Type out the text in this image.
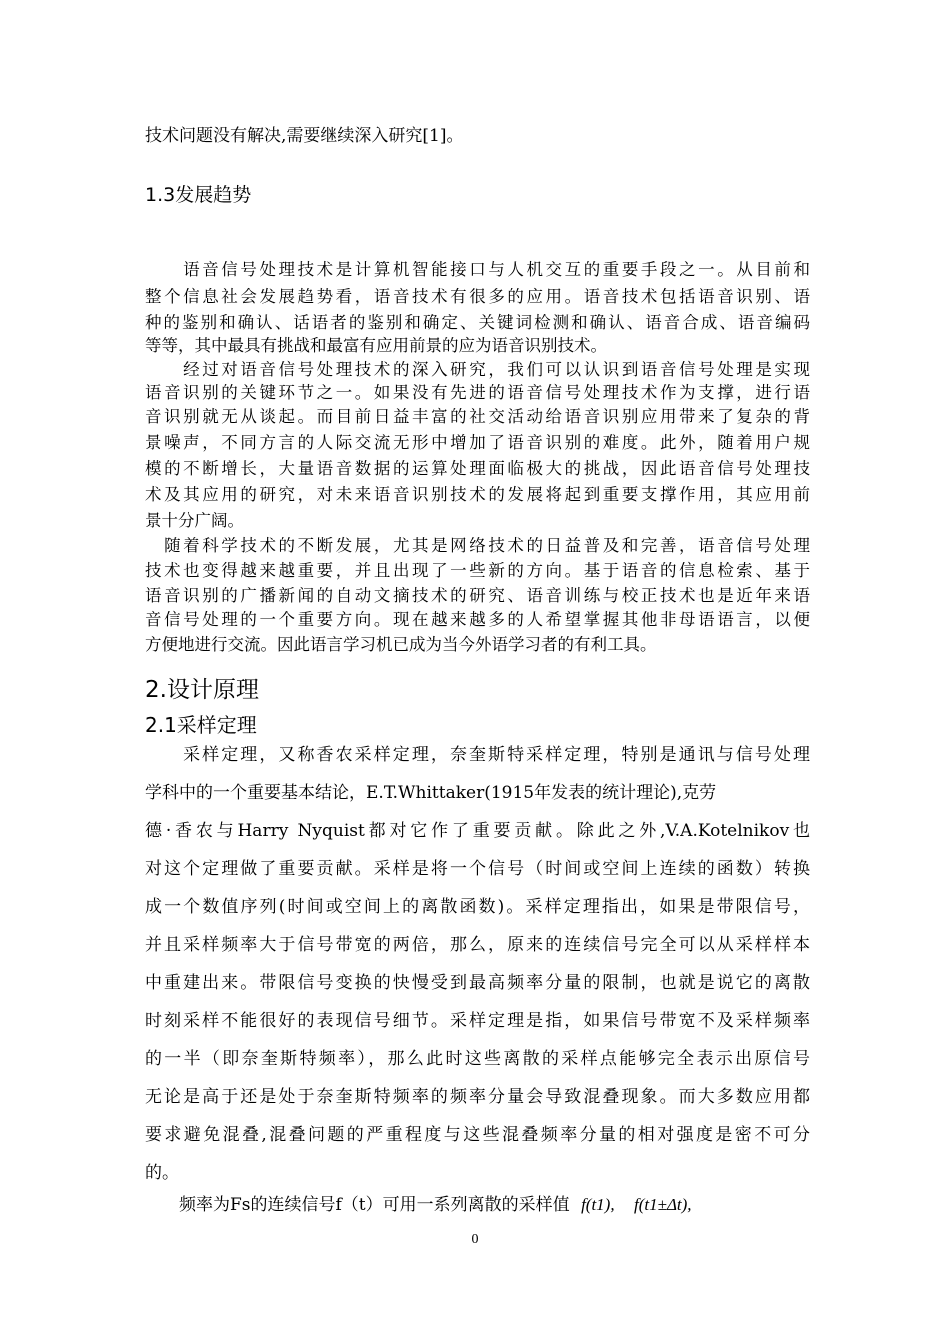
技术问题没有解决,需要继续深入研究[1]。
1.3发展趋势
　　语音信号处理技术是计算机智能接口与人机交互的重要手段之一。从目前和
整个信息社会发展趋势看，语音技术有很多的应用。语音技术包括语音识别、语
种的鉴别和确认、话语者的鉴别和确定、关键词检测和确认、语音合成、语音编码
等等，其中最具有挑战和最富有应用前景的应为语音识别技术。
　　经过对语音信号处理技术的深入研究，我们可以认识到语音信号处理是实现
语音识别的关键环节之一。如果没有先进的语音信号处理技术作为支撑，进行语
音识别就无从谈起。而目前日益丰富的社交活动给语音识别应用带来了复杂的背
景噪声，不同方言的人际交流无形中增加了语音识别的难度。此外，随着用户规
模的不断增长，大量语音数据的运算处理面临极大的挑战，因此语音信号处理技
术及其应用的研究，对未来语音识别技术的发展将起到重要支撑作用，其应用前
景十分广阔。
　随着科学技术的不断发展，尤其是网络技术的日益普及和完善，语音信号处理
技术也变得越来越重要，并且出现了一些新的方向。基于语音的信息检索、基于
语音识别的广播新闻的自动文摘技术的研究、语音训练与校正技术也是近年来语
音信号处理的一个重要方向。现在越来越多的人希望掌握其他非母语语言，以便
方便地进行交流。因此语言学习机已成为当今外语学习者的有利工具。
2.设计原理
2.1采样定理
　　采样定理，又称香农采样定理，奈奎斯特采样定理，特别是通讯与信号处理
学科中的一个重要基本结论，E.T.Whittaker(1915年发表的统计理论),克劳
德·香农与Harry Nyquist都对它作了重要贡献。除此之外,V.A.Kotelnikov也
对这个定理做了重要贡献。采样是将一个信号（时间或空间上连续的函数）转换
成一个数值序列(时间或空间上的离散函数)。采样定理指出，如果是带限信号，
并且采样频率大于信号带宽的两倍，那么，原来的连续信号完全可以从采样样本
中重建出来。带限信号变换的快慢受到最高频率分量的限制，也就是说它的离散
时刻采样不能很好的表现信号细节。采样定理是指，如果信号带宽不及采样频率
的一半（即奈奎斯特频率），那么此时这些离散的采样点能够完全表示出原信号
无论是高于还是处于奈奎斯特频率的频率分量会导致混叠现象。而大多数应用都
要求避免混叠,混叠问题的严重程度与这些混叠频率分量的相对强度是密不可分
的。
　　频率为Fs的连续信号f（t）可用一系列离散的采样值 f(t1), f(t1±Δt),
0
